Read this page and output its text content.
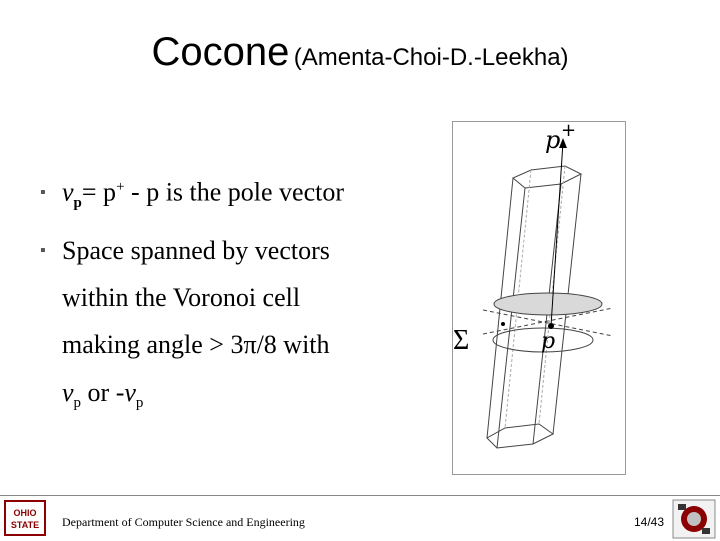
Cocone (Amenta-Choi-D.-Leekha)
▪ $v_p= p^+ - p$ is the pole vector
▪ Space spanned by vectors
within the Voronoi cell
making angle > 3π/8 with
$v_p$ or $-v_p$
p +
p
Σ
OHIO
STATE Department of Computer Science and Engineering	14/43
